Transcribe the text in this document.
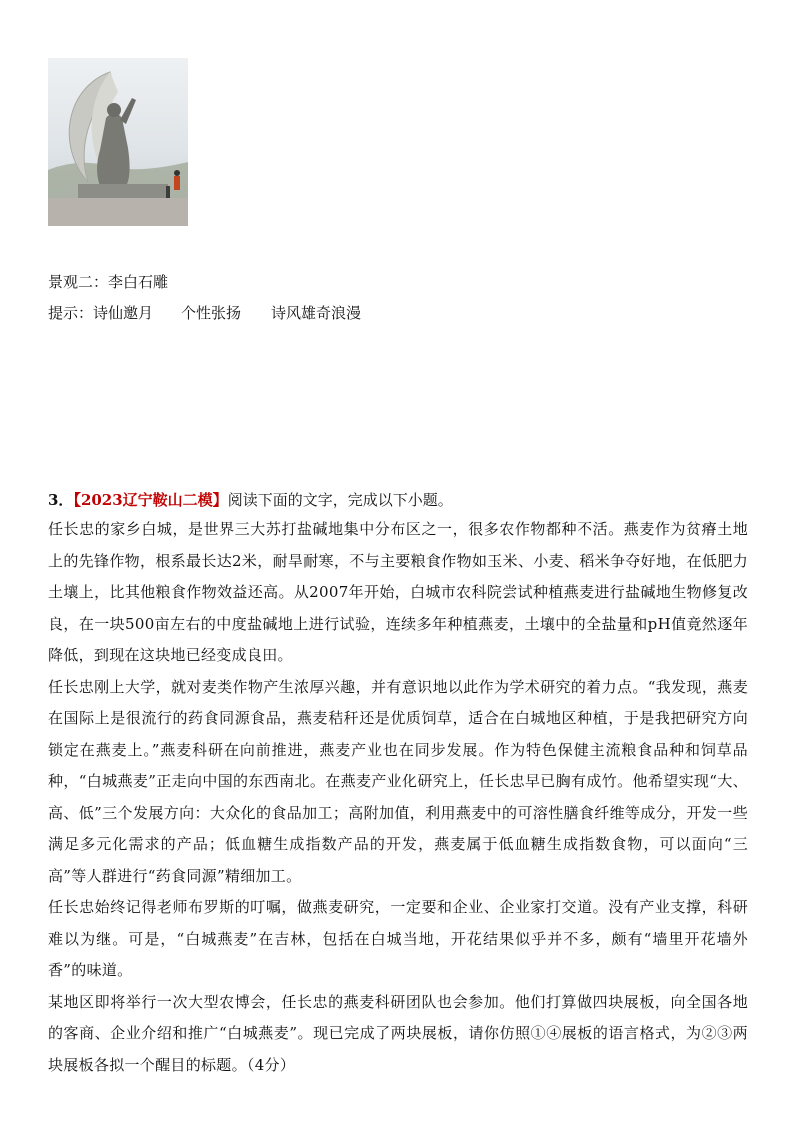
景观二：李白石雕
提示：诗仙邀月 个性张扬 诗风雄奇浪漫
3．【2023辽宁鞍山二模】阅读下面的文字，完成以下小题。

任长忠的家乡白城，是世界三大苏打盐碱地集中分布区之一，很多农作物都种不活。燕麦作为贫瘠土地上的先锋作物，根系最长达2米，耐旱耐寒，不与主要粮食作物如玉米、小麦、稻米争夺好地，在低肥力土壤上，比其他粮食作物效益还高。从2007年开始，白城市农科院尝试种植燕麦进行盐碱地生物修复改良，在一块500亩左右的中度盐碱地上进行试验，连续多年种植燕麦，土壤中的全盐量和pH值竟然逐年降低，到现在这块地已经变成良田。

任长忠刚上大学，就对麦类作物产生浓厚兴趣，并有意识地以此作为学术研究的着力点。“我发现，燕麦在国际上是很流行的药食同源食品，燕麦秸秆还是优质饲草，适合在白城地区种植，于是我把研究方向锁定在燕麦上。”燕麦科研在向前推进，燕麦产业也在同步发展。作为特色保健主流粮食品种和饲草品种，“白城燕麦”正走向中国的东西南北。在燕麦产业化研究上，任长忠早已胸有成竹。他希望实现“大、高、低”三个发展方向：大众化的食品加工；高附加值，利用燕麦中的可溶性膳食纤维等成分，开发一些满足多元化需求的产品；低血糖生成指数产品的开发，燕麦属于低血糖生成指数食物，可以面向“三高”等人群进行“药食同源”精细加工。

任长忠始终记得老师布罗斯的叮嘱，做燕麦研究，一定要和企业、企业家打交道。没有产业支撑，科研难以为继。可是，“白城燕麦”在吉林，包括在白城当地，开花结果似乎并不多，颇有“墙里开花墙外香”的味道。

某地区即将举行一次大型农博会，任长忠的燕麦科研团队也会参加。他们打算做四块展板，向全国各地的客商、企业介绍和推广“白城燕麦”。现已完成了两块展板，请你仿照①④展板的语言格式，为②③两块展板各拟一个醒目的标题。（4分）
